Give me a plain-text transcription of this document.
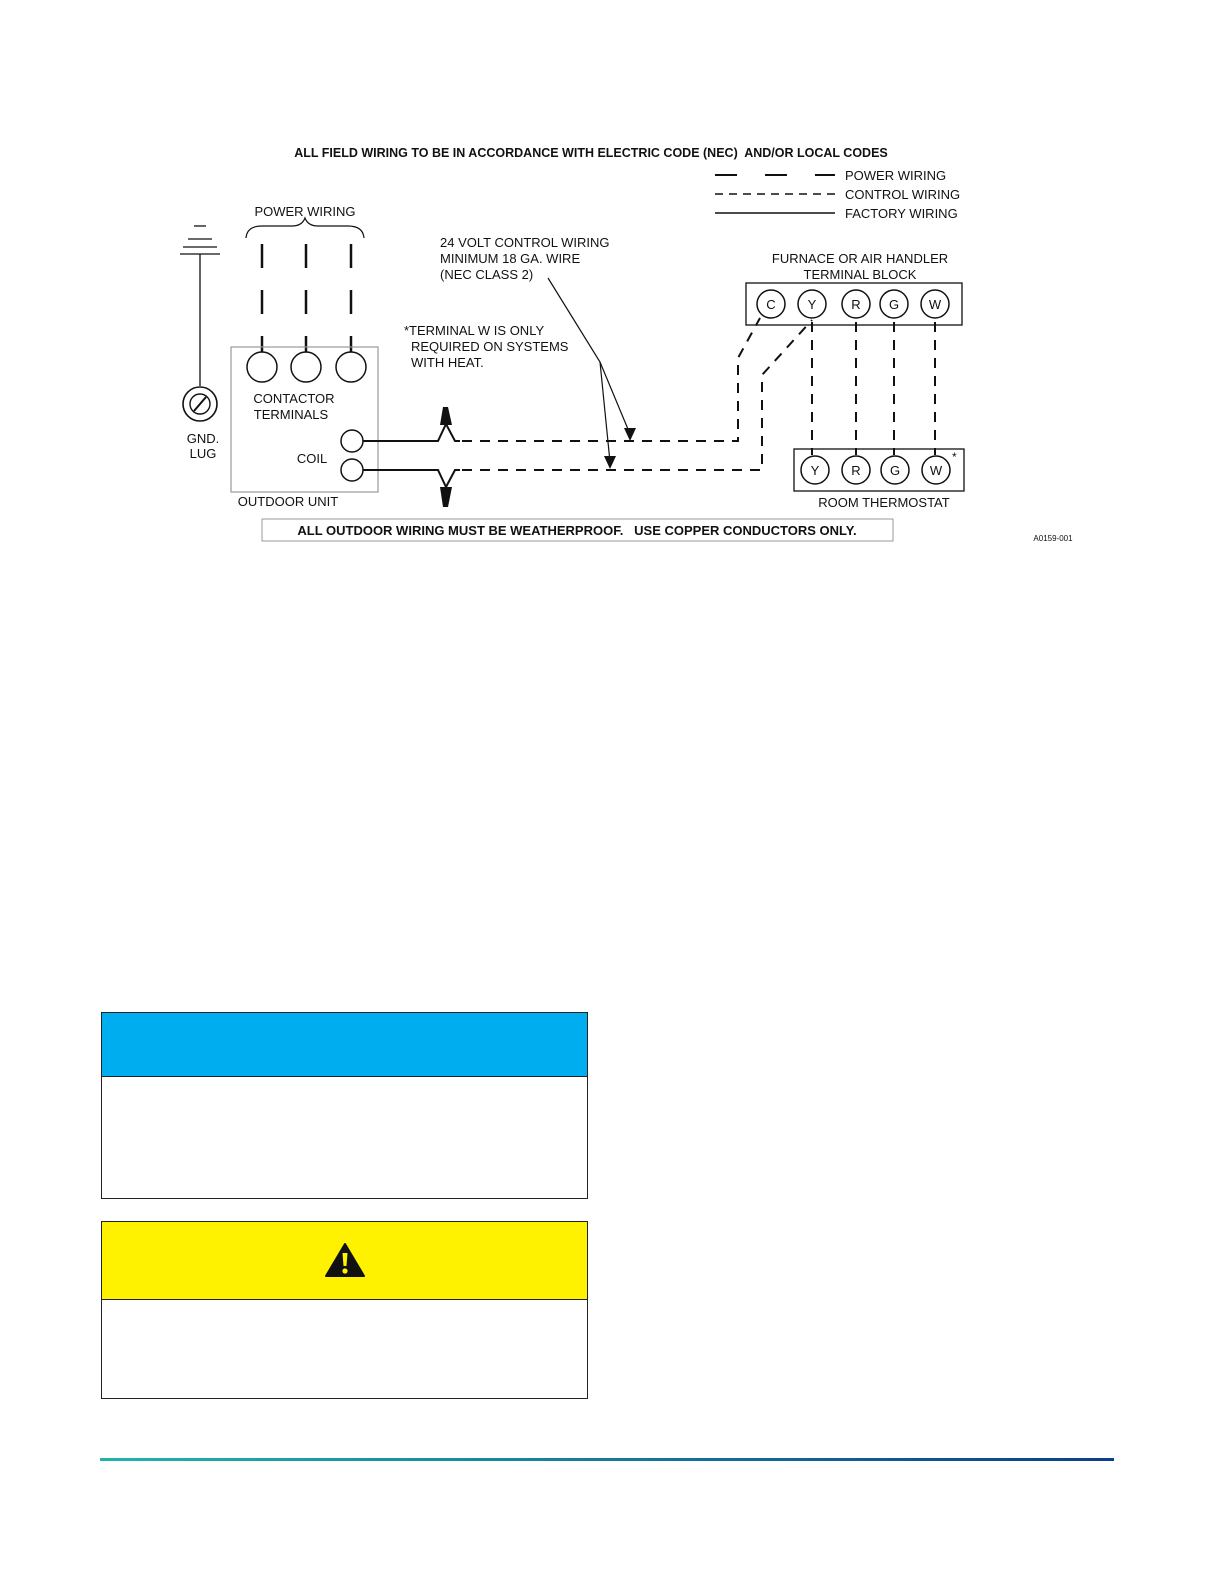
ALL FIELD WIRING TO BE IN ACCORDANCE WITH ELECTRIC CODE (NEC)  AND/OR LOCAL CODES
POWER WIRING
CONTROL WIRING
FACTORY WIRING
POWER WIRING
GND.
LUG
CONTACTOR
TERMINALS
COIL
OUTDOOR UNIT
24 VOLT CONTROL WIRING
MINIMUM 18 GA. WIRE
(NEC CLASS 2)
*TERMINAL W IS ONLY
REQUIRED ON SYSTEMS
WITH HEAT.
FURNACE OR AIR HANDLER
TERMINAL BLOCK
C Y	R G W
Y R G W
*
ROOM THERMOSTAT
ALL OUTDOOR WIRING MUST BE WEATHERPROOF.   USE COPPER CONDUCTORS ONLY.
A0159-001
